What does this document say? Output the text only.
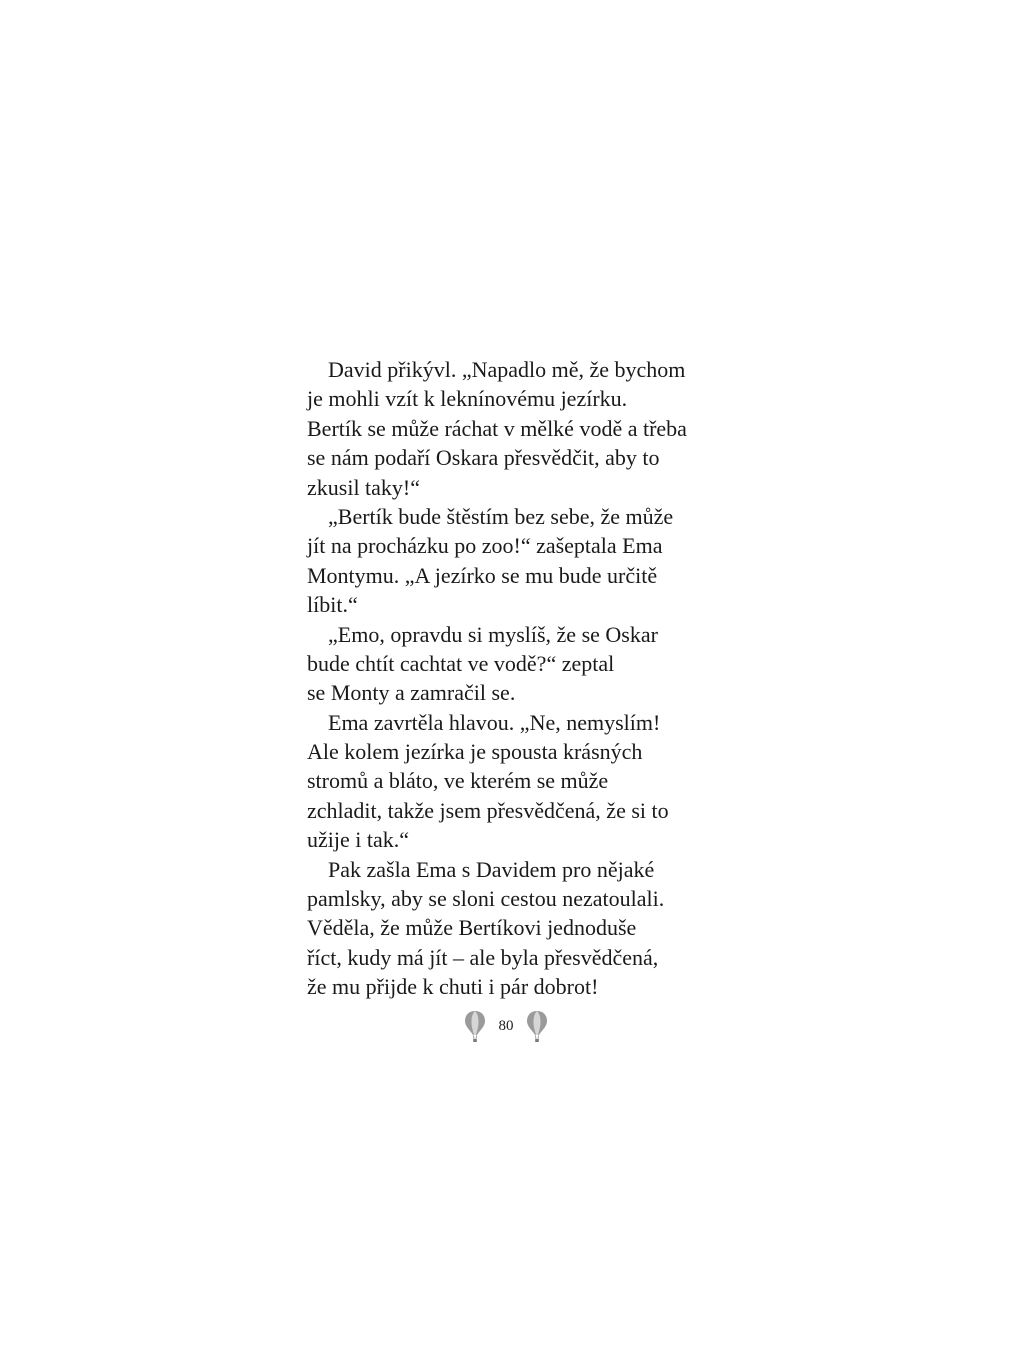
David přikývl. „Napadlo mě, že bychom
je mohli vzít k leknínovému jezírku.
Bertík se může ráchat v mělké vodě a třeba
se nám podaří Oskara přesvědčit, aby to
zkusil taky!“
„Bertík bude štěstím bez sebe, že může
jít na procházku po zoo!“ zašeptala Ema
Montymu. „A jezírko se mu bude určitě
líbit.“
„Emo, opravdu si myslíš, že se Oskar
bude chtít cachtat ve vodě?“ zeptal
se Monty a zamračil se.
Ema zavrtěla hlavou. „Ne, nemyslím!
Ale kolem jezírka je spousta krásných
stromů a bláto, ve kterém se může
zchladit, takže jsem přesvědčená, že si to
užije i tak.“
Pak zašla Ema s Davidem pro nějaké
pamlsky, aby se sloni cestou nezatoulali.
Věděla, že může Bertíkovi jednoduše
říct, kudy má jít – ale byla přesvědčená,
že mu přijde k chuti i pár dobrot!
80
